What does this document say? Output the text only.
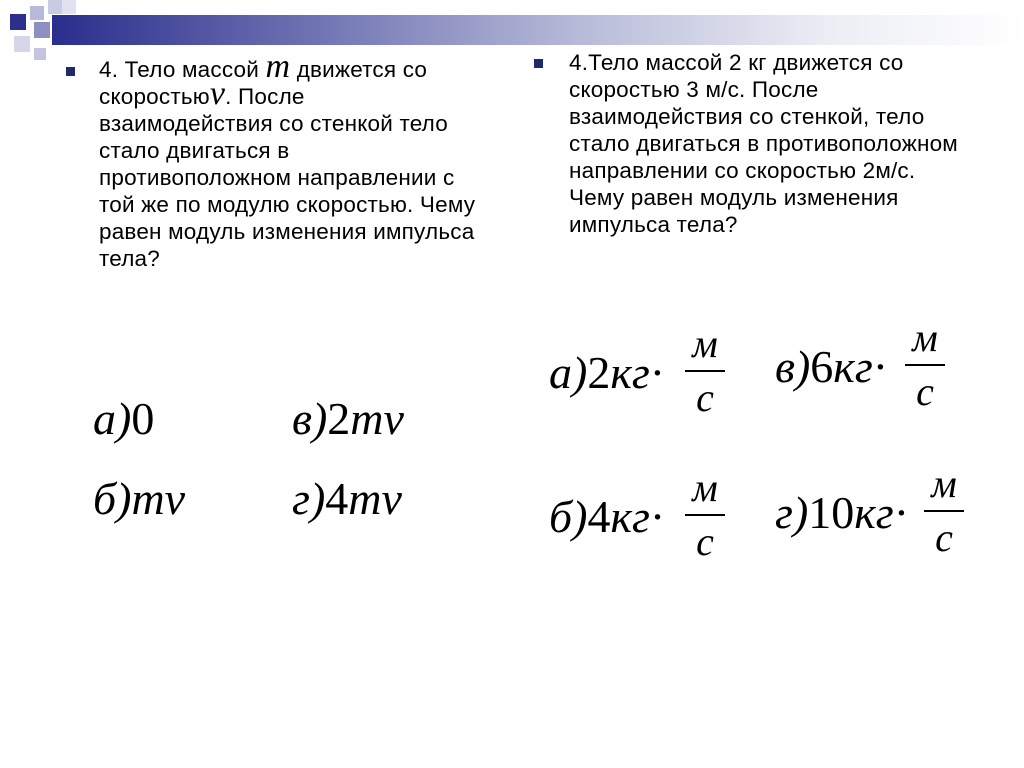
4. Тело массой m движется со скоростьюv. После взаимодействия со стенкой тело стало двигаться в противоположном направлении с той же по модулю скоростью. Чему равен модуль изменения импульса тела?
а)0	в)2mv
б)mv г)4mv
4.Тело массой 2 кг движется со скоростью 3 м/с. После взаимодействия со стенкой, тело стало двигаться в противоположном направлении со скоростью 2м/с. Чему равен модуль изменения импульса тела?
а)2кг·
м
с
в)6кг·
м
с
б)4кг·
м
с
г)10кг·
м
с
